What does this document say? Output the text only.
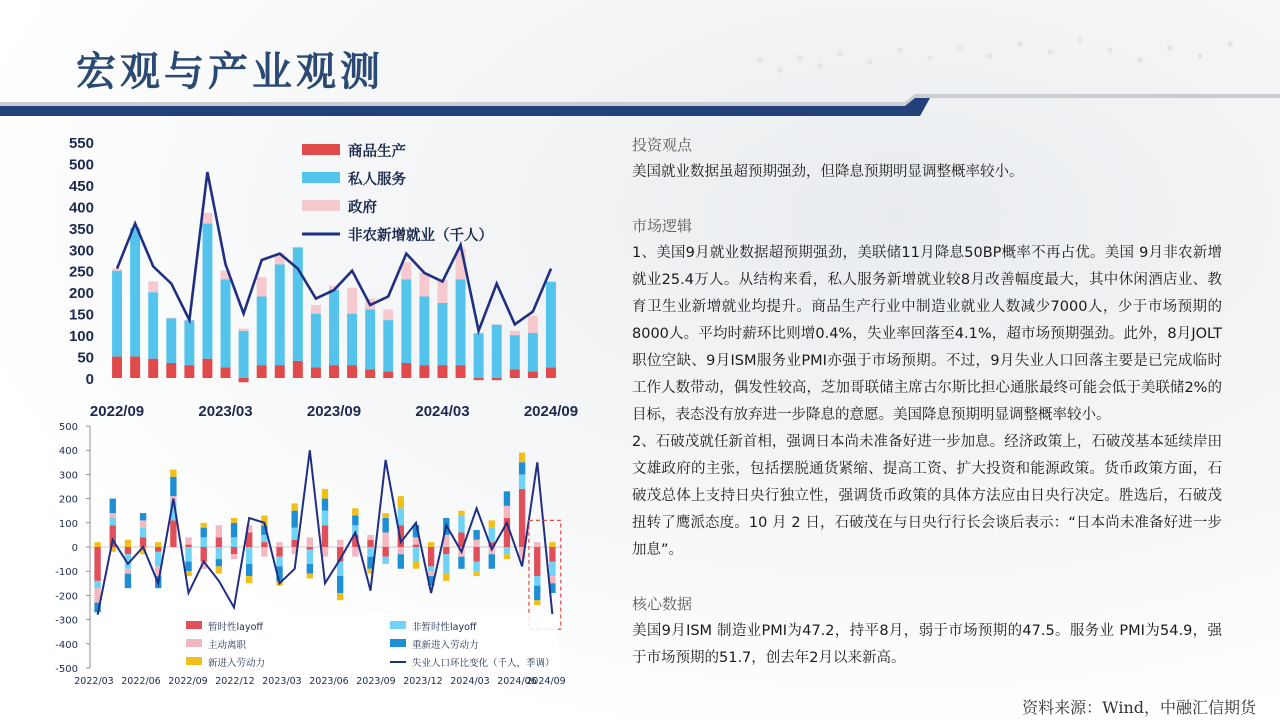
宏观与产业观测
0
50
100
150
200
250
300
350
400
450
500
550
2022/09	2023/03	2023/09	2024/03	2024/09
商品生产
私人服务
政府
非农新增就业（千人）
500
400
300
200
100
0
-100
-200
-300
-400
-500
2022/03 2022/06 2022/09 2022/12 2023/03 2023/06 2023/09 2023/12 2024/03 2024/06
2024/09
暂时性layoff	非暂时性layoff
主动离职	重新进入劳动力
新进入劳动力	失业人口环比变化（千人，季调）
投资观点
美国就业数据虽超预期强劲，但降息预期明显调整概率较小。
市场逻辑
1、美国9月就业数据超预期强劲，美联储11月降息50BP概率不再占优。美国 9月非农新增就业25.4万人。从结构来看，私人服务新增就业较8月改善幅度最大，其中休闲酒店业、教育卫生业新增就业均提升。商品生产行业中制造业就业人数减少7000人，少于市场预期的8000人。平均时薪环比则增0.4%，失业率回落至4.1%，超市场预期强劲。此外，8月JOLT职位空缺、9月ISM服务业PMI亦强于市场预期。不过，9月失业人口回落主要是已完成临时工作人数带动，偶发性较高，芝加哥联储主席古尔斯比担心通胀最终可能会低于美联储2%的目标，表态没有放弃进一步降息的意愿。美国降息预期明显调整概率较小。
2、石破茂就任新首相，强调日本尚未准备好进一步加息。经济政策上，石破茂基本延续岸田文雄政府的主张，包括摆脱通货紧缩、提高工资、扩大投资和能源政策。货币政策方面，石破茂总体上支持日央行独立性，强调货币政策的具体方法应由日央行决定。胜选后，石破茂扭转了鹰派态度。10 月 2 日，石破茂在与日央行行长会谈后表示：“日本尚未准备好进一步加息”。
核心数据
美国9月ISM 制造业PMI为47.2，持平8月，弱于市场预期的47.5。服务业 PMI为54.9，强于市场预期的51.7，创去年2月以来新高。
资料来源：Wind，中融汇信期货
